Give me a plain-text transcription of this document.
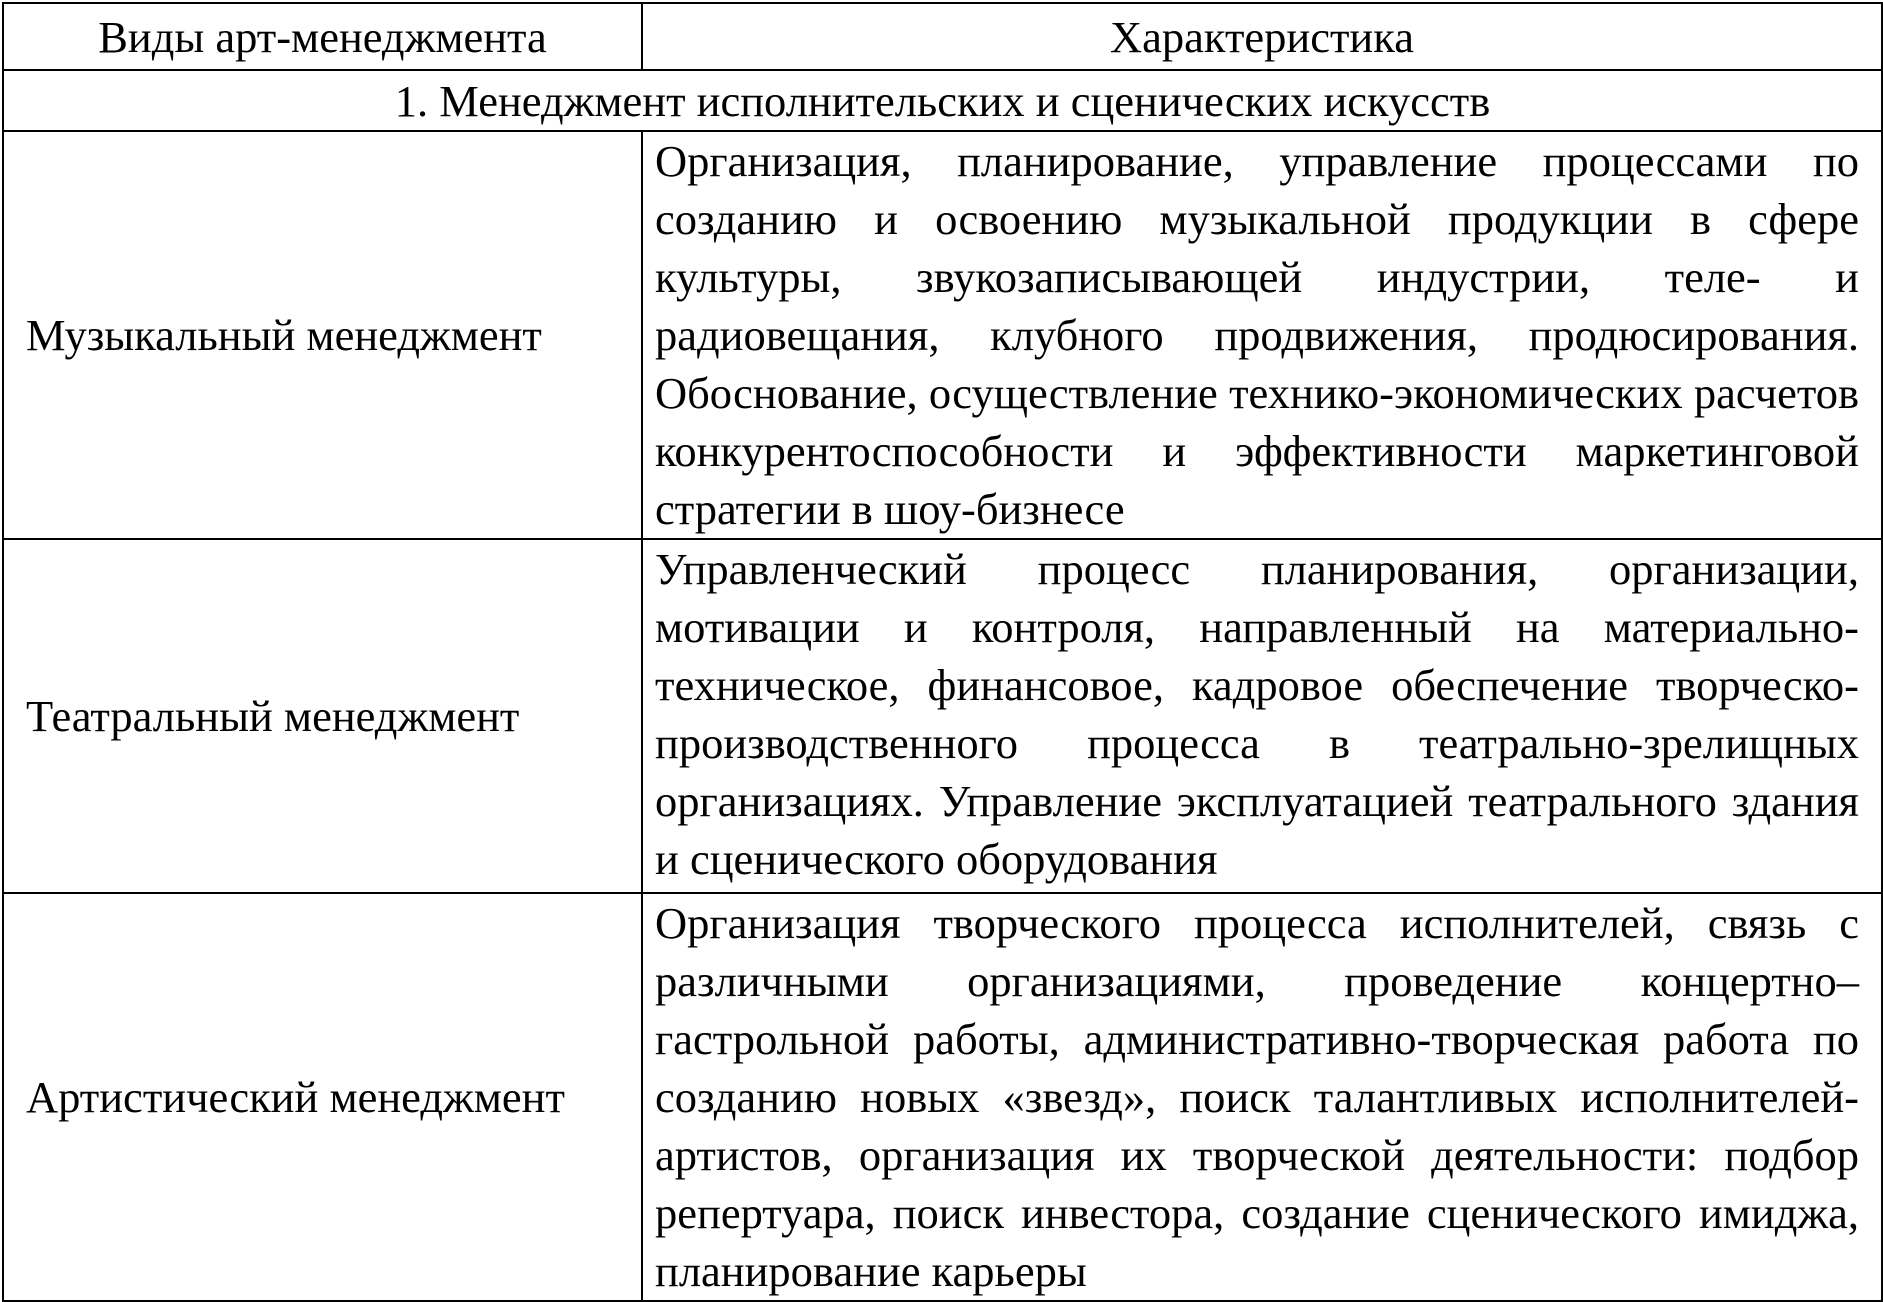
Виды арт-менеджмента	Характеристика
1. Менеджмент исполнительских и сценических искусств	
Музыкальный менеджмент	Организация, планирование, управление процессами по созданию и освоению музыкальной продукции в сфере культуры, звукозаписывающей индустрии, теле- и радиовещания, клубного продвижения, продюсирования. Обоснование, осуществление технико-экономических расчетов конкурентоспособности и эффективности маркетинговой стратегии в шоу-бизнесе

Театральный менеджмент	Управленческий процесс планирования, организации, мотивации и контроля, направленный на материально-техническое, финансовое, кадровое обеспечение творческо-производственного процесса в театрально-зрелищных организациях. Управление эксплуатацией театрального здания и сценического оборудования

Артистический менеджмент	Организация творческого процесса исполнителей, связь с различными организациями, проведение концертно–гастрольной работы, административно-творческая работа по созданию новых «звезд», поиск талантливых исполнителей-артистов, организация их творческой деятельности: подбор репертуара, поиск инвестора, создание сценического имиджа, планирование карьеры
